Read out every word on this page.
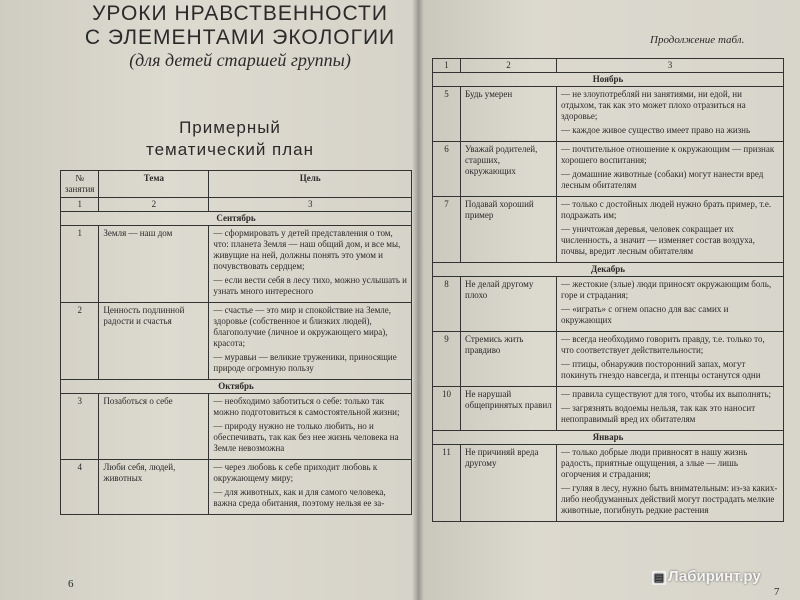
УРОКИ НРАВСТВЕННОСТИ
С ЭЛЕМЕНТАМИ ЭКОЛОГИИ
(для детей старшей группы)
Примерный
тематический план
№ занятия	Тема	Цель
1	2	3
Сентябрь		
1	Земля — наш дом	— сформировать у детей представления о том, что: планета Земля — наш общий дом, и все мы, живущие на ней, должны понять это умом и почувствовать сердцем;

— если вести себя в лесу тихо, можно услышать и узнать много интересного

2	Ценность подлинной радости и счастья	— счастье — это мир и спокойствие на Земле, здоровье (собственное и близких людей), благополучие (личное и окружающего мира), красота;

— муравьи — великие труженики, приносящие природе огромную пользу

Октябрь		
3	Позаботься о себе	— необходимо заботиться о себе: только так можно подготовиться к самостоятельной жизни;

— природу нужно не только любить, но и обеспечивать, так как без нее жизнь человека на Земле невозможна

4	Люби себя, людей, животных	— через любовь к себе приходит любовь к окружающему миру;

— для животных, как и для самого человека, важна среда обитания, поэтому нельзя ее за-

6
Продолжение табл.
1	2	3
Ноябрь		
5	Будь умерен	— не злоупотребляй ни занятиями, ни едой, ни отдыхом, так как это может плохо отразиться на здоровье;

— каждое живое существо имеет право на жизнь

6	Уважай родителей, старших, окружающих	— почтительное отношение к окружающим — признак хорошего воспитания;

— домашние животные (собаки) могут нанести вред лесным обитателям

7	Подавай хороший пример	— только с достойных людей нужно брать пример, т.е. подражать им;

— уничтожая деревья, человек сокращает их численность, а значит — изменяет состав воздуха, почвы, вредит лесным обитателям

Декабрь		
8	Не делай другому плохо	— жестокие (злые) люди приносят окружающим боль, горе и страдания;

— «играть» с огнем опасно для вас самих и окружающих

9	Стремись жить правдиво	— всегда необходимо говорить правду, т.е. только то, что соответствует действительности;

— птицы, обнаружив посторонний запах, могут покинуть гнездо навсегда, и птенцы останутся одни

10	Не нарушай общепринятых правил	— правила существуют для того, чтобы их выполнять;

— загрязнять водоемы нельзя, так как это наносит непоправимый вред их обитателям

Январь		
11	Не причиняй вреда другому	— только добрые люди привносят в нашу жизнь радость, приятные ощущения, а злые — лишь огорчения и страдания;

— гуляя в лесу, нужно быть внимательным: из-за каких-либо необдуманных действий могут пострадать мелкие животные, погибнуть редкие растения

▤ Лабиринт.ру
7
